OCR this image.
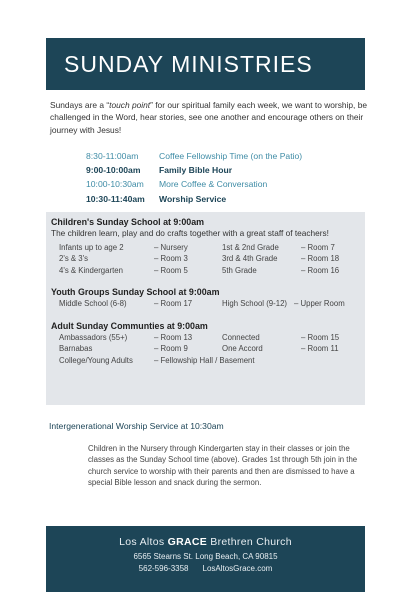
SUNDAY MINISTRIES

Sundays are a “touch point” for our spiritual family each week, we want to worship, be challenged in the Word, hear stories, see one another and encourage others on their journey with Jesus!

8:30-11:00am	Coffee Fellowship Time (on the Patio)
9:00-10:00am	Family Bible Hour
10:00-10:30am	More Coffee & Conversation
10:30-11:40am	Worship Service
Children's Sunday School at 9:00am
The children learn, play and do crafts together with a great staff of teachers!
Infants up to age 2	– Nursery	1st & 2nd Grade	– Room 7
2's & 3's	– Room 3	3rd & 4th Grade	– Room 18
4's & Kindergarten	– Room 5	5th Grade	– Room 16
Youth Groups Sunday School at 9:00am
Middle School (6-8)	– Room 17	High School (9-12) – Upper Room
Adult Sunday Communties at 9:00am
Ambassadors (55+)	– Room 13	Connected	– Room 15
Barnabas	– Room 9	One Accord	– Room 11
College/Young Adults	– Fellowship Hall / Basement
Intergenerational Worship Service at 10:30am

Children in the Nursery through Kindergarten stay in their classes or join the classes as the Sunday School time (above). Grades 1st through 5th join in the church service to worship with their parents and then are dismissed to have a special Bible lesson and snack during the sermon.

Los Altos GRACE Brethren Church
6565 Stearns St. Long Beach, CA 90815
562-596-3358 LosAltosGrace.com
